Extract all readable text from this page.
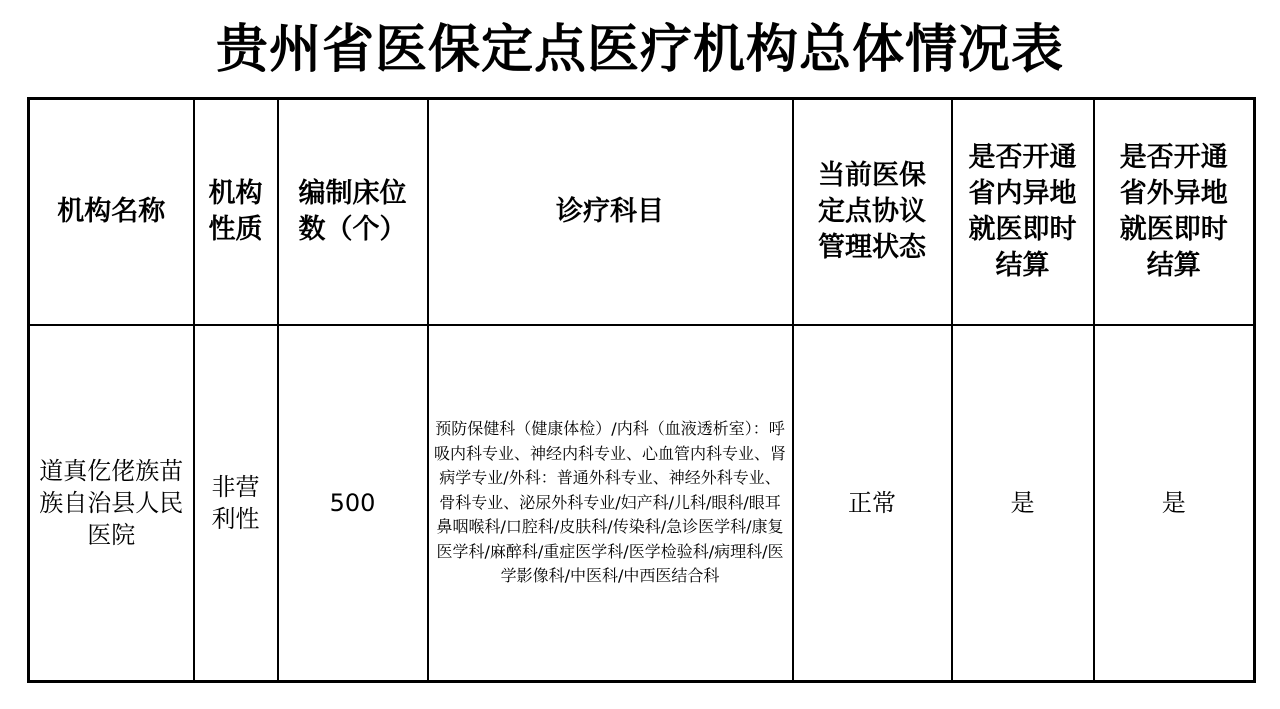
贵州省医保定点医疗机构总体情况表
机构名称	机构性质	编制床位数（个）	诊疗科目	当前医保定点协议管理状态	是否开通省内异地就医即时结算	是否开通省外异地就医即时结算
道真仡佬族苗族自治县人民医院	非营利性	500	预防保健科（健康体检）/内科（血液透析室）：呼吸内科专业、神经内科专业、心血管内科专业、肾病学专业/外科：普通外科专业、神经外科专业、骨科专业、泌尿外科专业/妇产科/儿科/眼科/眼耳鼻咽喉科/口腔科/皮肤科/传染科/急诊医学科/康复医学科/麻醉科/重症医学科/医学检验科/病理科/医学影像科/中医科/中西医结合科	正常	是	是
